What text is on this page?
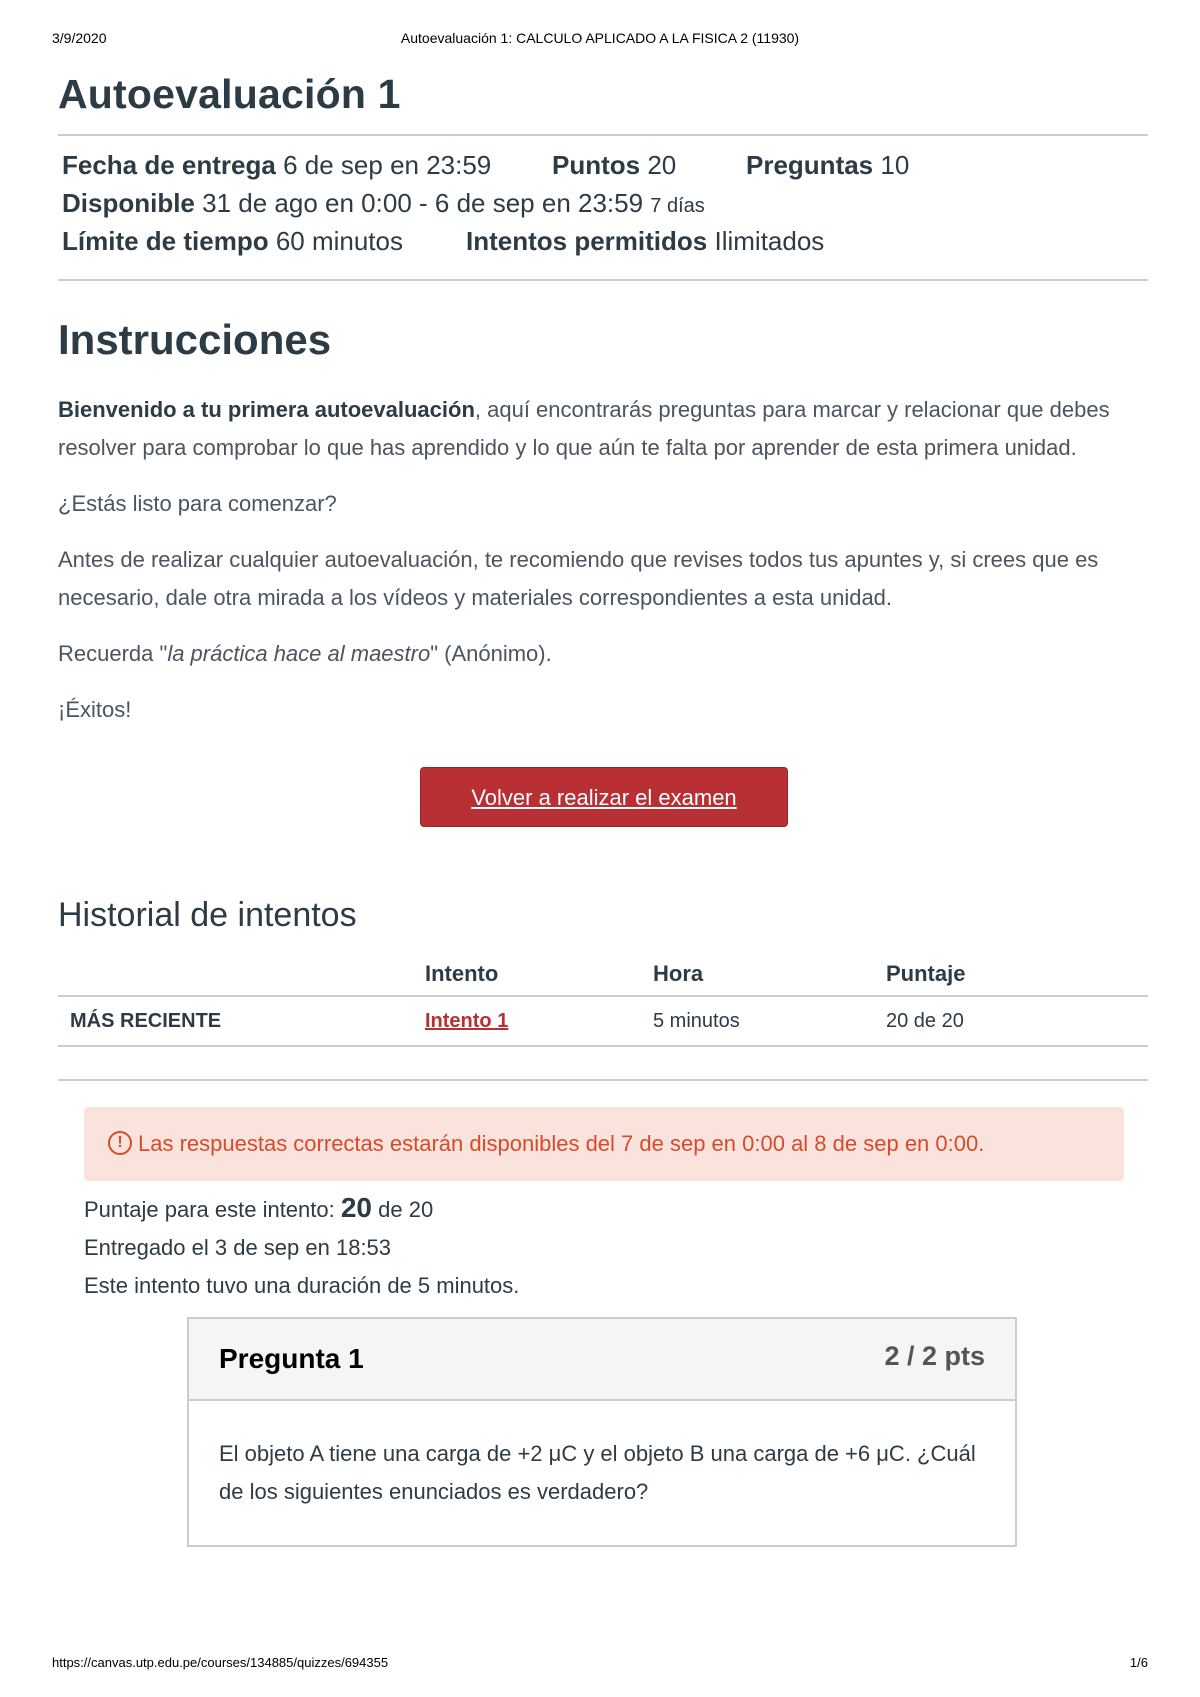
3/9/2020	Autoevaluación 1: CALCULO APLICADO A LA FISICA 2 (11930)
Autoevaluación 1
Fecha de entrega 6 de sep en 23:59 Puntos 20	Preguntas 10
Disponible 31 de ago en 0:00 - 6 de sep en 23:59 7 días
Límite de tiempo 60 minutos Intentos permitidos Ilimitados
Instrucciones

Bienvenido a tu primera autoevaluación, aquí encontrarás preguntas para marcar y relacionar que debes resolver para comprobar lo que has aprendido y lo que aún te falta por aprender de esta primera unidad.

¿Estás listo para comenzar?

Antes de realizar cualquier autoevaluación, te recomiendo que revises todos tus apuntes y, si crees que es necesario, dale otra mirada a los vídeos y materiales correspondientes a esta unidad.

Recuerda "la práctica hace al maestro" (Anónimo).

¡Éxitos!

Volver a realizar el examen
Historial de intentos
	Intento	Hora	Puntaje
MÁS RECIENTE	Intento 1	5 minutos	20 de 20
! Las respuestas correctas estarán disponibles del 7 de sep en 0:00 al 8 de sep en 0:00.
Puntaje para este intento: 20 de 20
Entregado el 3 de sep en 18:53
Este intento tuvo una duración de 5 minutos.
Pregunta 1	2 / 2 pts
El objeto A tiene una carga de +2 μC y el objeto B una carga de +6 μC. ¿Cuál de los siguientes enunciados es verdadero?
https://canvas.utp.edu.pe/courses/134885/quizzes/694355	1/6
